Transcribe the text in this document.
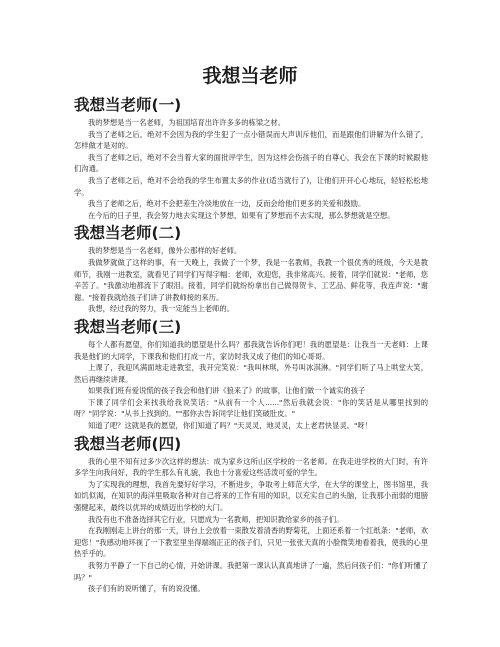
我想当老师
我想当老师(一)

我的梦想是当一名老师，为祖国培育出许许多多的栋梁之材。

我当了老师之后，绝对不会因为我的学生犯了一点小错误而大声训斥他们，而是跟他们讲解为什么错了，怎样做才是对的。

我当了老师之后，绝对不会当着大家的面批评学生，因为这样会伤孩子的自尊心，我会在下课的时候跟他们沟通。

我当了老师之后，绝对不会给我的学生布置太多的作业(适当就行了)，让他们开开心心地玩，轻轻松松地学。

我当了老师之后，绝对不会把差生冷淡地放在一边，反而会给他们更多的关爱和鼓励。

在今后的日子里，我会努力地去实现这个梦想，如果有了梦想而不去实现，那么梦想就是空想。

我想当老师(二)

我的梦想是当一名老师，像外公那样的好老师。

我做梦就做了这样的事，有一天晚上，我做了一个梦，我是一名教师，我教一个很优秀的班级，今天是教师节，我刚一进教室，就看见了同学们写得字幅：老师，欢迎您，我非常高兴。接着，同学们就说："老师，您辛苦了。"我激动地都流下了眼泪。接着，同学们就纷纷拿出自己做得贺卡、工艺品、鲜花等，我连声说："谢谢。"接着我就给孩子们讲了讲教师接的来历。

我想，经过我的努力，我一定能当上老师的。

我想当老师(三)

每个人都有愿望，你们知道我的愿望是什么吗？那我就告诉你们吧！我的愿望是：让我当一天老师：上课我是他们的大同学，下课我和他们打成一片，家访时我又成了他们的知心哥哥。

上课了，我迎风满面地走进教室，我开完笑说："我叫林琪，外号叫冰淇淋。"同学们听了马上哄堂大笑，然后再继续讲课。

如果我们班有爱说慌的孩子我会和他们讲《狼来了》的故事，让他们做一个诚实的孩子

下课了同学们会来找我给我说笑话："从前有一个人......"然后我就会说："你的笑话是从哪里找到的呀？"同学说："从书上找到的。""那你去告诉同学让他们笑破肚皮。"

知道了吧？这就是我的愿望，你们知道了吗？"天灵灵，地灵灵，太上老君快显灵。"呀！

我想当老师(四)

我的心里不知有过多少次这样的想法：成为家乡这所山区学校的一名老师。在我走进学校的大门时，有许多学生向我问好，我的学生那么有礼貌，我也十分喜爱这些活泼可爱的学生。

为了实现我的理想，我首先要好好学习，不断进步，争取考上师范大学，在大学的课堂上，图书馆里，我如饥似渴，在知识的海洋里吸取各种对自己将来的工作有用的知识，以充实自己的头脑，让我那小而弱的翅膀强健起来，最终以优异的成绩迈出学校的大门。

我没有也不准备选择其它行业，只愿成为一名教师，把知识教给家乡的孩子们。

在我刚刚走上讲台的那一天，讲台上会放着一束散发着清香的野菊花，上面还系着一个红纸条："老师，欢迎您！"我感动地环视了一下教室里坐得端端正正的孩子们，只见一张张天真的小脸微笑地看着我，使我的心里热乎乎的。

我努力平静了一下自己的心情，开始讲课。我把第一课认认真真地讲了一遍，然后问孩子们："你们听懂了吗？"

孩子们有的说听懂了，有的说没懂。
